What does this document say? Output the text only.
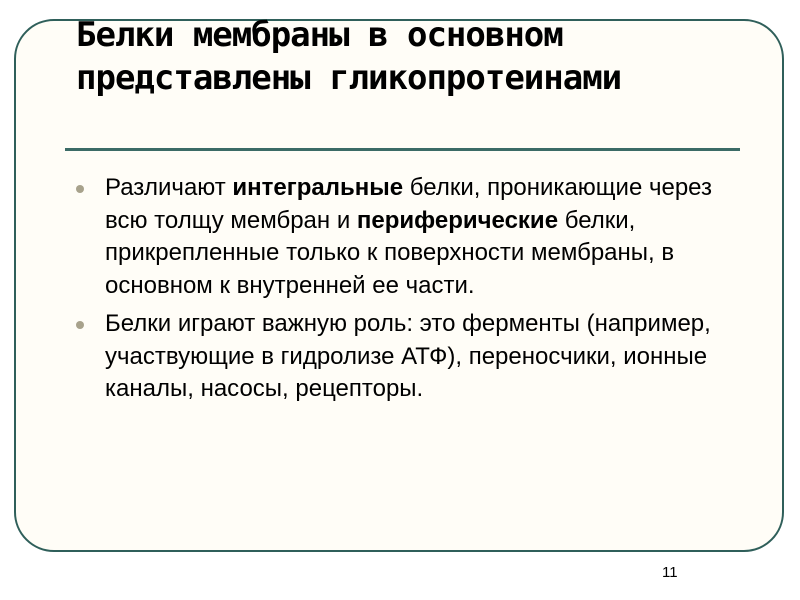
Белки мембраны в основном представлены гликопротеинами
Различают интегральные белки, проникающие через всю толщу мембран и периферические белки, прикрепленные только к поверхности мембраны, в основном к внутренней ее части.
Белки играют важную роль: это ферменты (например, участвующие в гидролизе АТФ), переносчики, ионные каналы, насосы, рецепторы.
11
